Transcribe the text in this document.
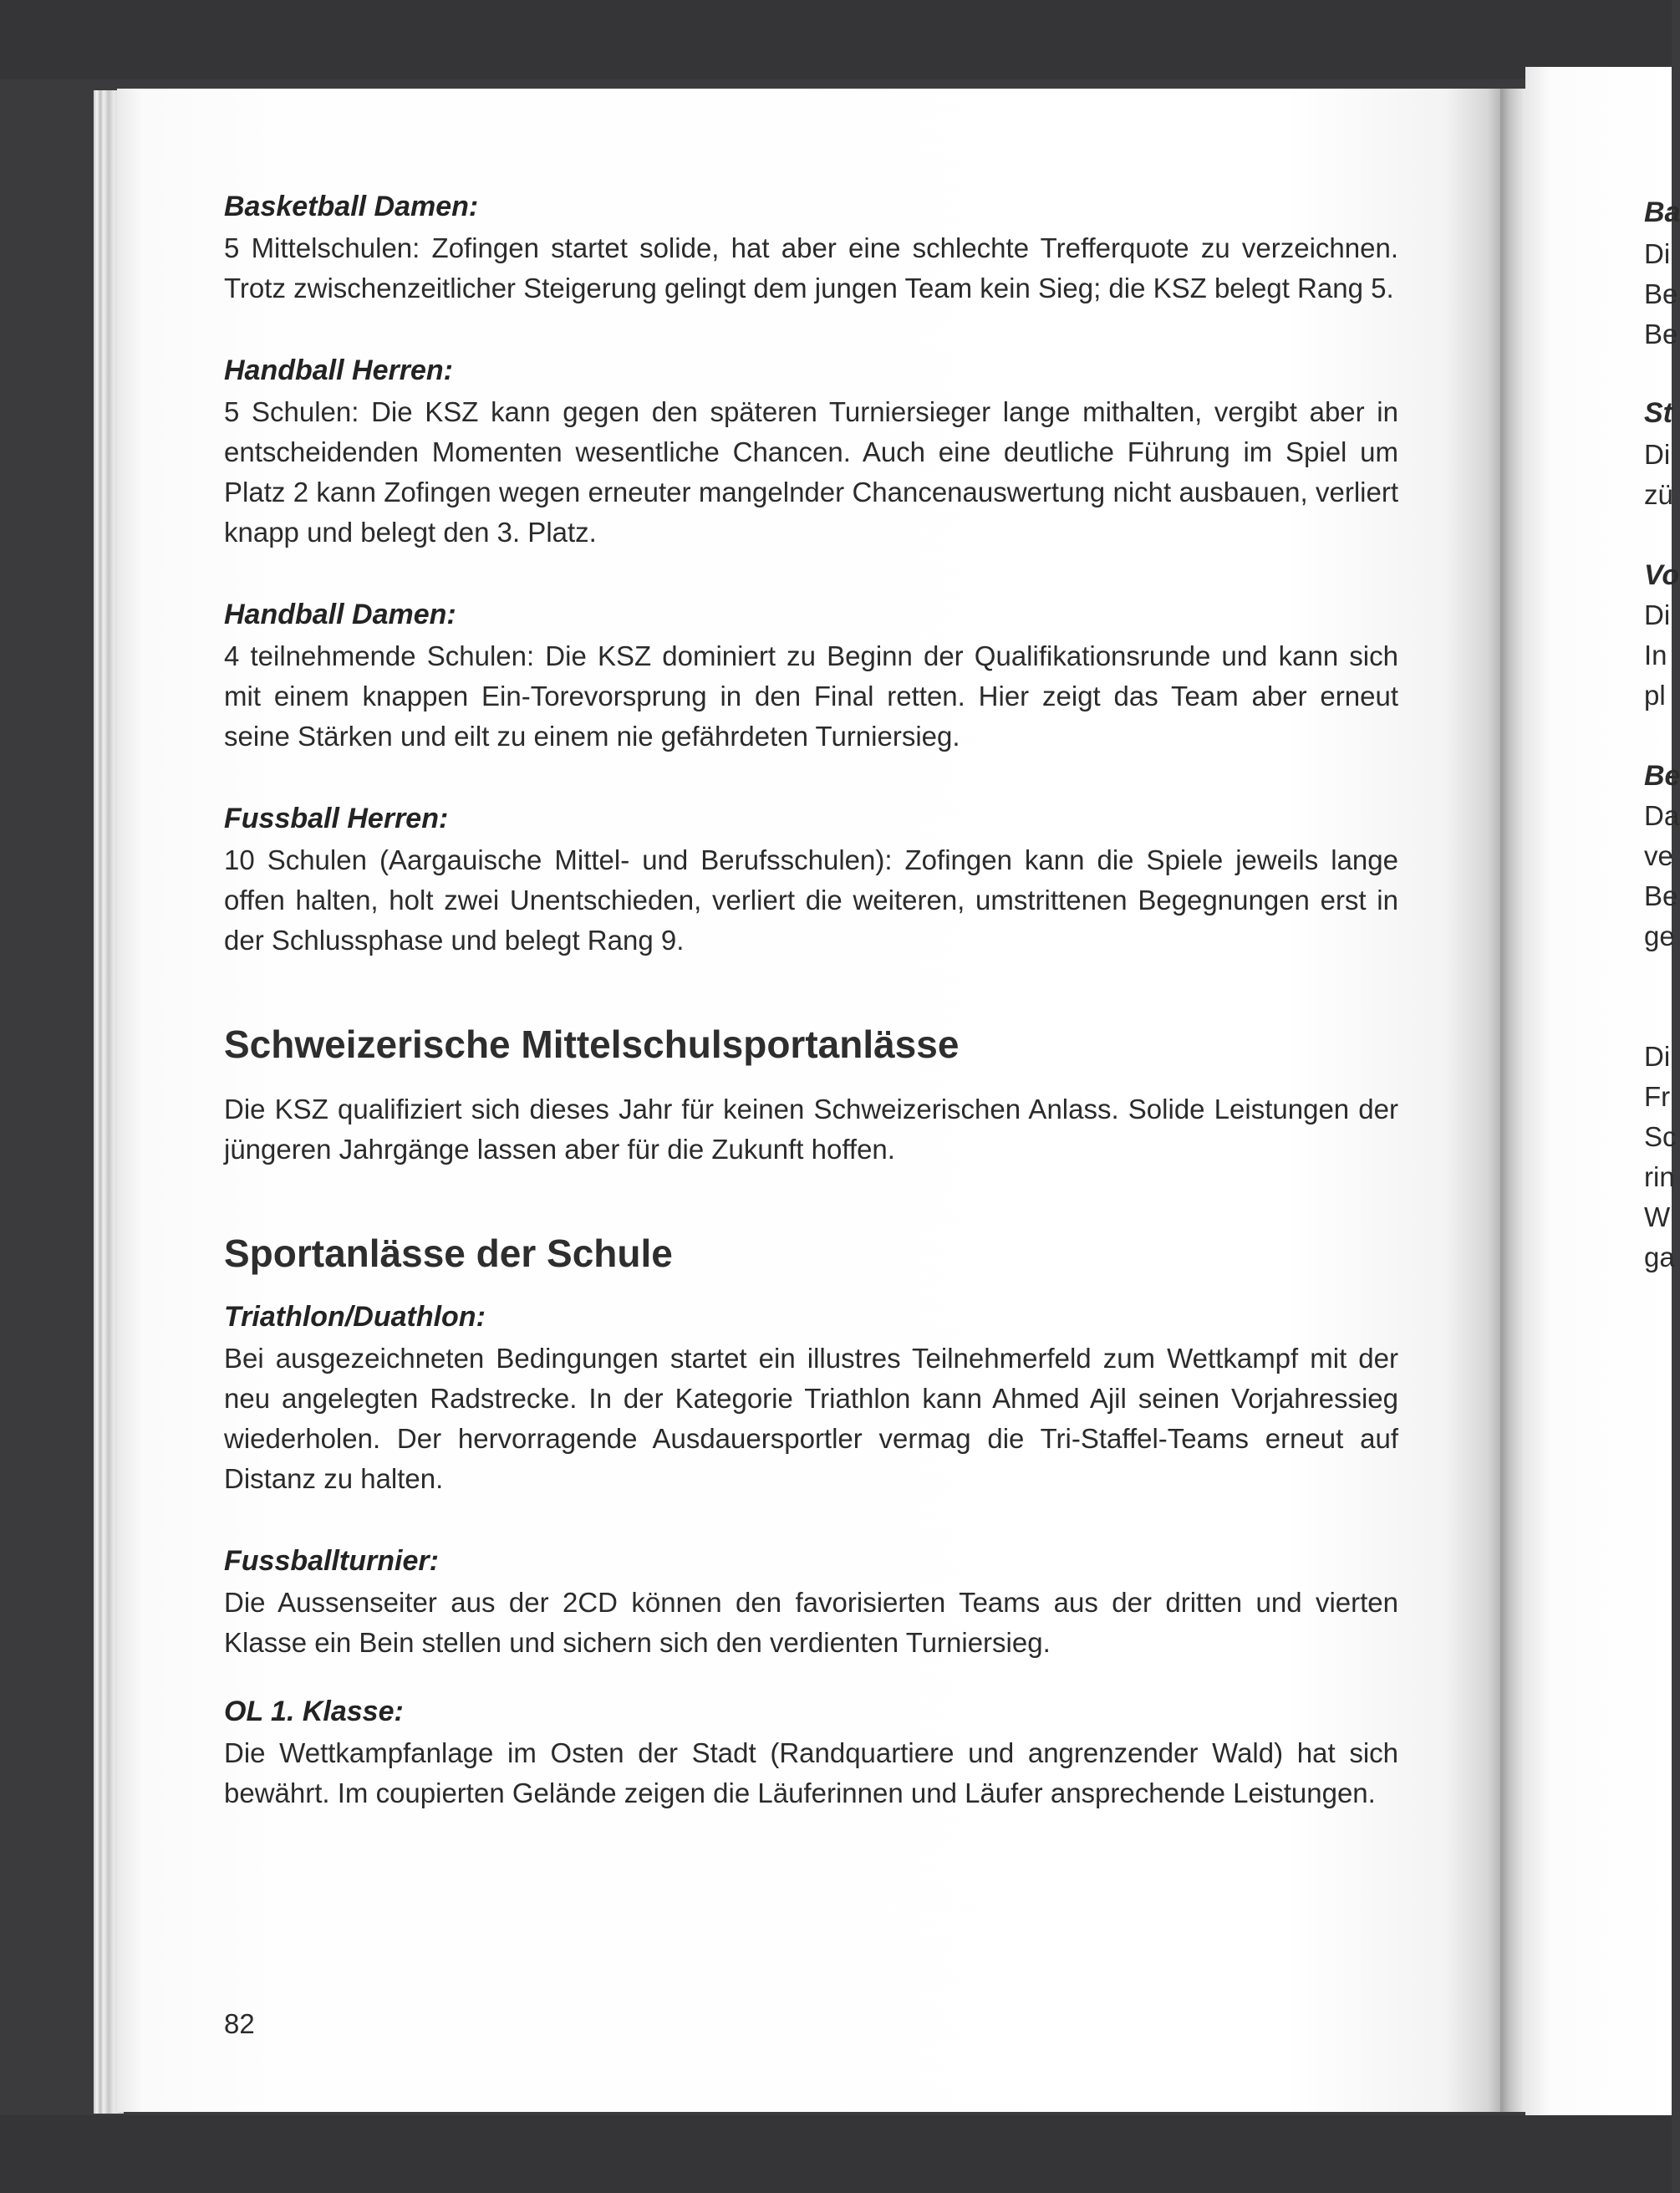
Basketball Damen:

5 Mittelschulen: Zofingen startet solide, hat aber eine schlechte Trefferquote zu verzeichnen. Trotz zwischenzeitlicher Steigerung gelingt dem jungen Team kein Sieg; die KSZ belegt Rang 5.

Handball Herren:

5 Schulen: Die KSZ kann gegen den späteren Turniersieger lange mithalten, vergibt aber in entscheidenden Momenten wesentliche Chancen. Auch eine deutliche Führung im Spiel um Platz 2 kann Zofingen wegen erneuter mangelnder Chancenauswertung nicht ausbauen, verliert knapp und belegt den 3. Platz.

Handball Damen:

4 teilnehmende Schulen: Die KSZ dominiert zu Beginn der Qualifikationsrunde und kann sich mit einem knappen Ein-Torevorsprung in den Final retten. Hier zeigt das Team aber erneut seine Stärken und eilt zu einem nie gefährdeten Turniersieg.

Fussball Herren:

10 Schulen (Aargauische Mittel- und Berufsschulen): Zofingen kann die Spiele jeweils lange offen halten, holt zwei Unentschieden, verliert die weiteren, umstrittenen Begegnungen erst in der Schlussphase und belegt Rang 9.

Schweizerische Mittelschulsportanlässe

Die KSZ qualifiziert sich dieses Jahr für keinen Schweizerischen Anlass. Solide Leistungen der jüngeren Jahrgänge lassen aber für die Zukunft hoffen.

Sportanlässe der Schule

Triathlon/Duathlon:

Bei ausgezeichneten Bedingungen startet ein illustres Teilnehmerfeld zum Wettkampf mit der neu angelegten Radstrecke. In der Kategorie Triathlon kann Ahmed Ajil seinen Vorjahressieg wiederholen. Der hervorragende Ausdauersportler vermag die Tri-Staffel-Teams erneut auf Distanz zu halten.

Fussballturnier:

Die Aussenseiter aus der 2CD können den favorisierten Teams aus der dritten und vierten Klasse ein Bein stellen und sichern sich den verdienten Turniersieg.

OL 1. Klasse:

Die Wettkampfanlage im Osten der Stadt (Randquartiere und angrenzender Wald) hat sich bewährt. Im coupierten Gelände zeigen die Läuferinnen und Läufer ansprechende Leistungen.

82
Ba
Di
Be
Be
St
Di
zü
Vo
Di
In
pl
Be
Da
ve
Be
ge
Di
Fr
Sc
rin
W
ga
